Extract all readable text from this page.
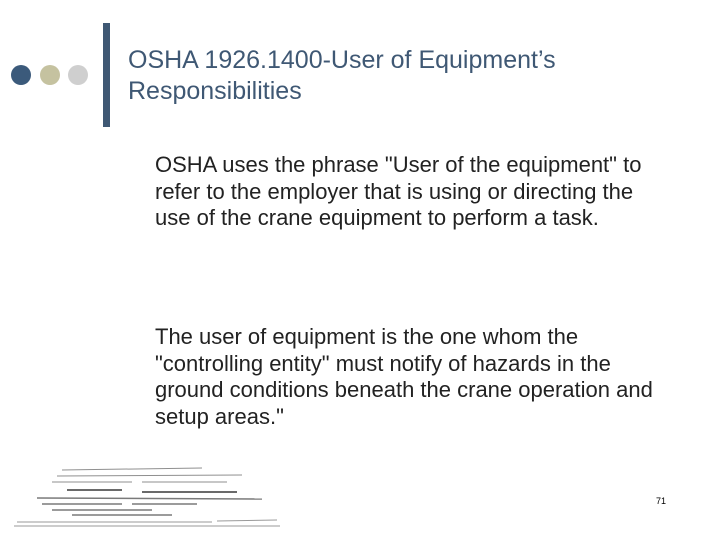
OSHA 1926.1400-User of Equipment’s Responsibilities

OSHA uses the phrase "User of the equipment" to refer to the employer that is using or directing the use of the crane equipment to perform a task.

The user of equipment is the one whom the "controlling entity" must notify of hazards in the ground conditions beneath the crane operation and setup areas."

71
